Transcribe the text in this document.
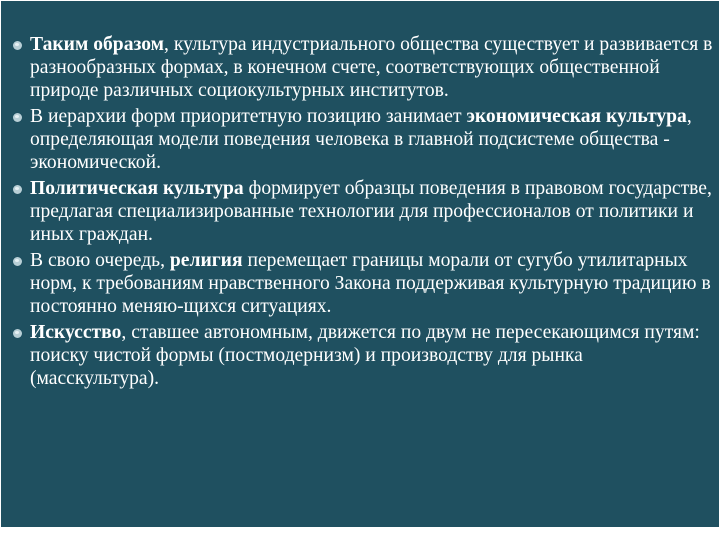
Таким образом, культура индустриального общества существует и развивается в разнообразных формах, в конечном счете, соответствующих общественной природе различных социокультурных институтов.
В иерархии форм приоритетную позицию занимает экономическая культура, определяющая модели поведения человека в главной подсистеме общества - экономической.
Политическая культура формирует образцы поведения в правовом государстве, предлагая специализированные технологии для профессионалов от политики и иных граждан.
В свою очередь, религия перемещает границы морали от сугубо утилитарных норм, к требованиям нравственного Закона поддерживая культурную традицию в постоянно меняю-щихся ситуациях.
Искусство, ставшее автономным, движется по двум не пересекающимся путям: поиску чистой формы (постмодернизм) и производству для рынка (масскультура).
